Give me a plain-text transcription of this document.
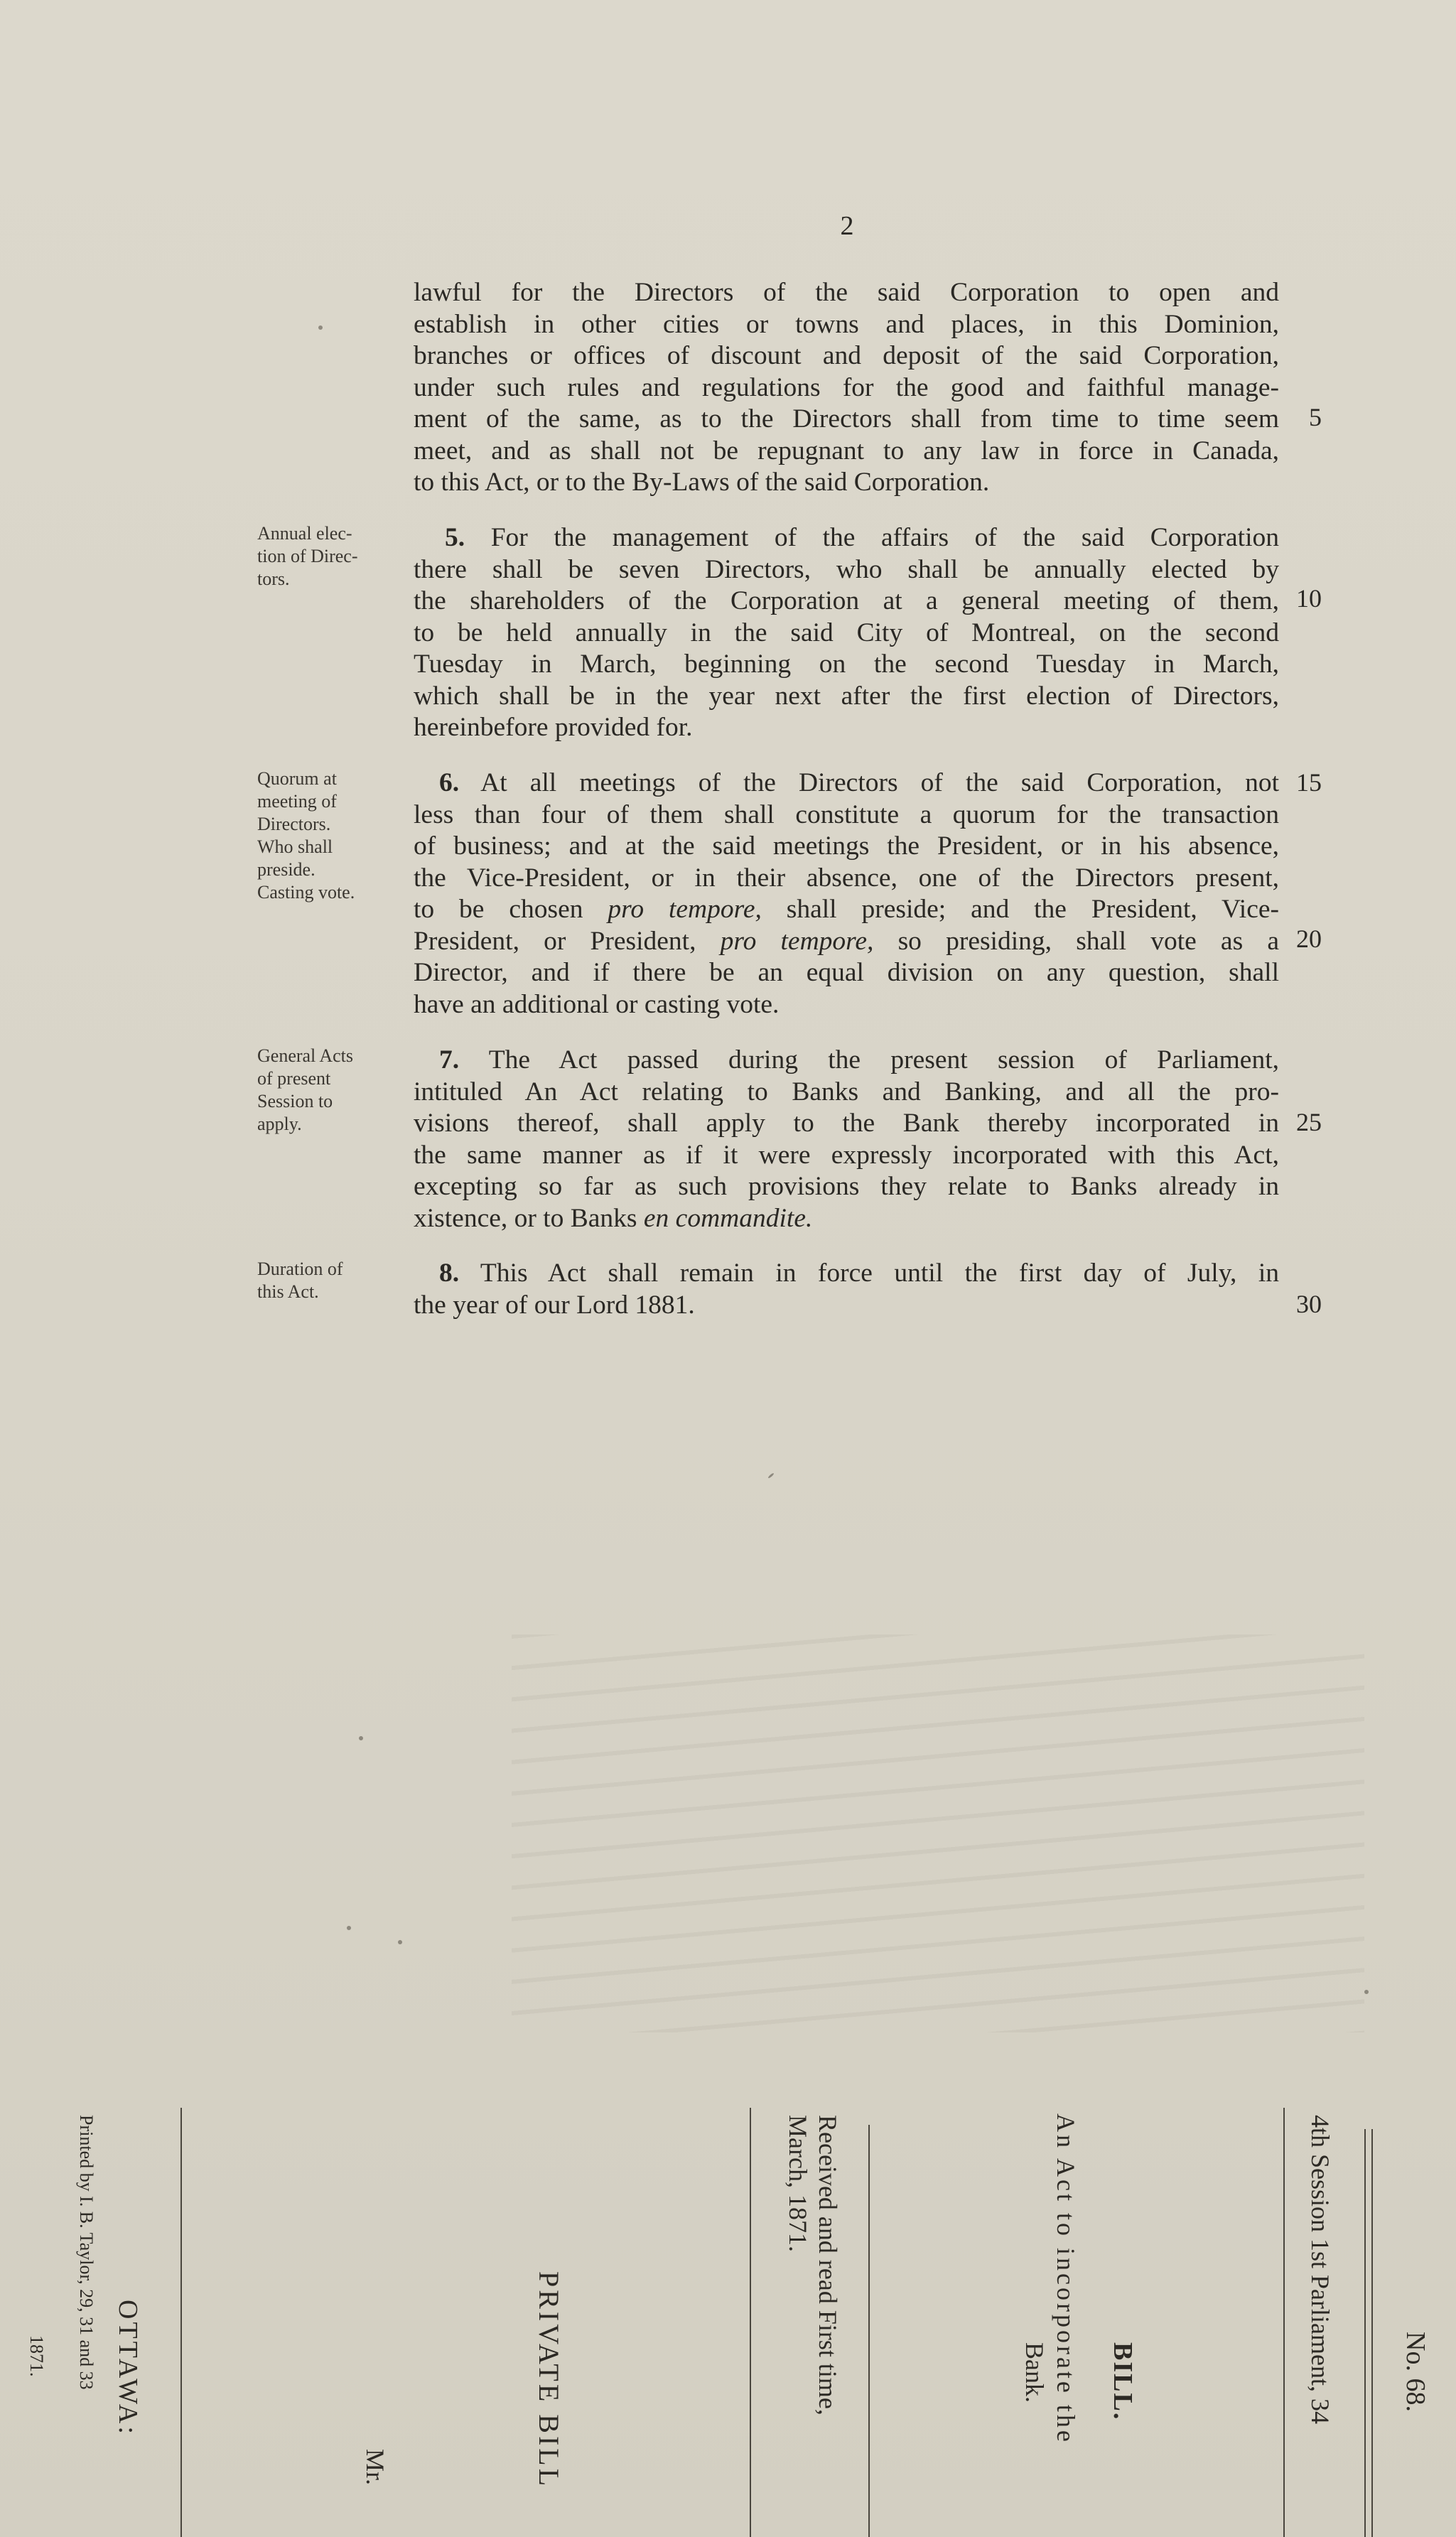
2
lawful for the Directors of the said Corporation to open and
establish in other cities or towns and places, in this Dominion,
branches or offices of discount and deposit of the said Corporation,
under such rules and regulations for the good and faithful manage-
ment of the same, as to the Directors shall from time to time seem
meet, and as shall not be repugnant to any law in force in Canada,
to this Act, or to the By-Laws of the said Corporation.
5
Annual elec-
tion of Direc-
tors.
5. For the management of the affairs of the said Corporation
there shall be seven Directors, who shall be annually elected by
the shareholders of the Corporation at a general meeting of them,
to be held annually in the said City of Montreal, on the second
Tuesday in March, beginning on the second Tuesday in March,
which shall be in the year next after the first election of Directors,
hereinbefore provided for.
10
Quorum at
meeting of
Directors.
Who shall
preside.
Casting vote.
6. At all meetings of the Directors of the said Corporation, not
less than four of them shall constitute a quorum for the transaction
of business; and at the said meetings the President, or in his absence,
the Vice-President, or in their absence, one of the Directors present,
to be chosen pro tempore, shall preside; and the President, Vice-
President, or President, pro tempore, so presiding, shall vote as a
Director, and if there be an equal division on any question, shall
have an additional or casting vote.
15
20
General Acts
of present
Session to
apply.
7. The Act passed during the present session of Parliament,
intituled An Act relating to Banks and Banking, and all the pro-
visions thereof, shall apply to the Bank thereby incorporated in
the same manner as if it were expressly incorporated with this Act,
excepting so far as such provisions they relate to Banks already in
xistence, or to Banks en commandite.
25
Duration of
this Act.
8. This Act shall remain in force until the first day of July, in
the year of our Lord 1881.	30
No. 68.
4th Session 1st Parliament, 34
BILL.
An Act to incorporate the
Bank.
Received and read First time,
March, 1871.
PRIVATE BILL
Mr.
OTTAWA:
Printed by I. B. Taylor, 29, 31 and 33
1871.
